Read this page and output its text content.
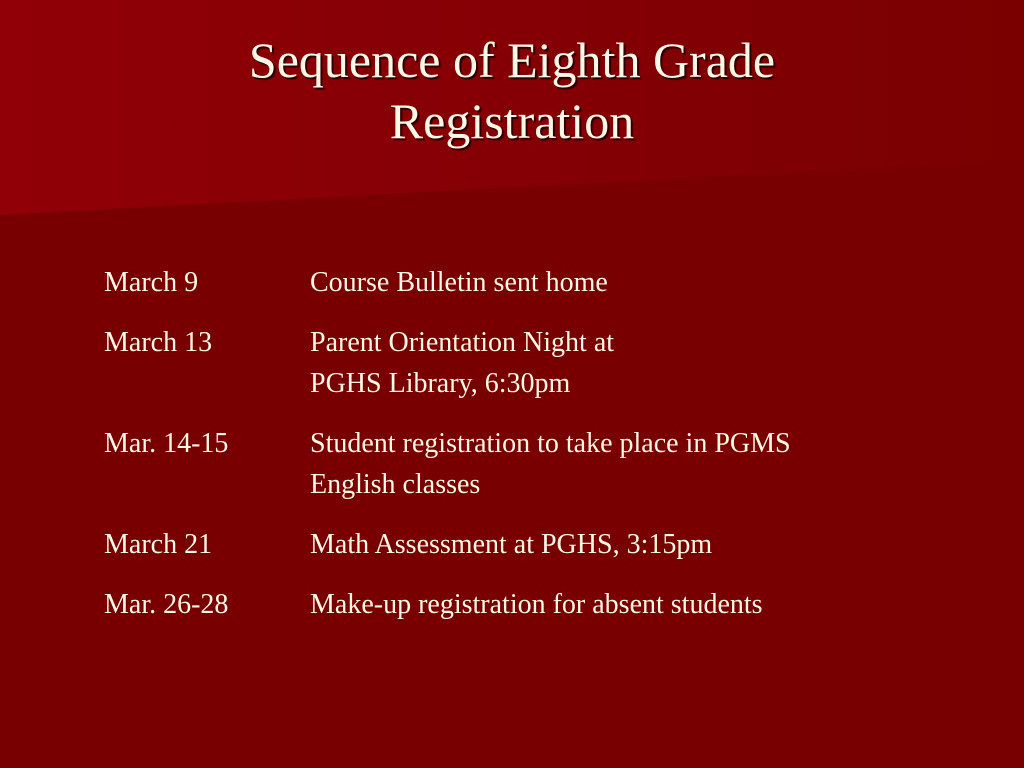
Sequence of Eighth Grade
Registration
March 9	Course Bulletin sent home
March 13	Parent Orientation Night at
PGHS Library, 6:30pm
Mar. 14-15	Student registration to take place in PGMS
English classes
March 21	Math Assessment at PGHS, 3:15pm
Mar. 26-28	Make-up registration for absent students
